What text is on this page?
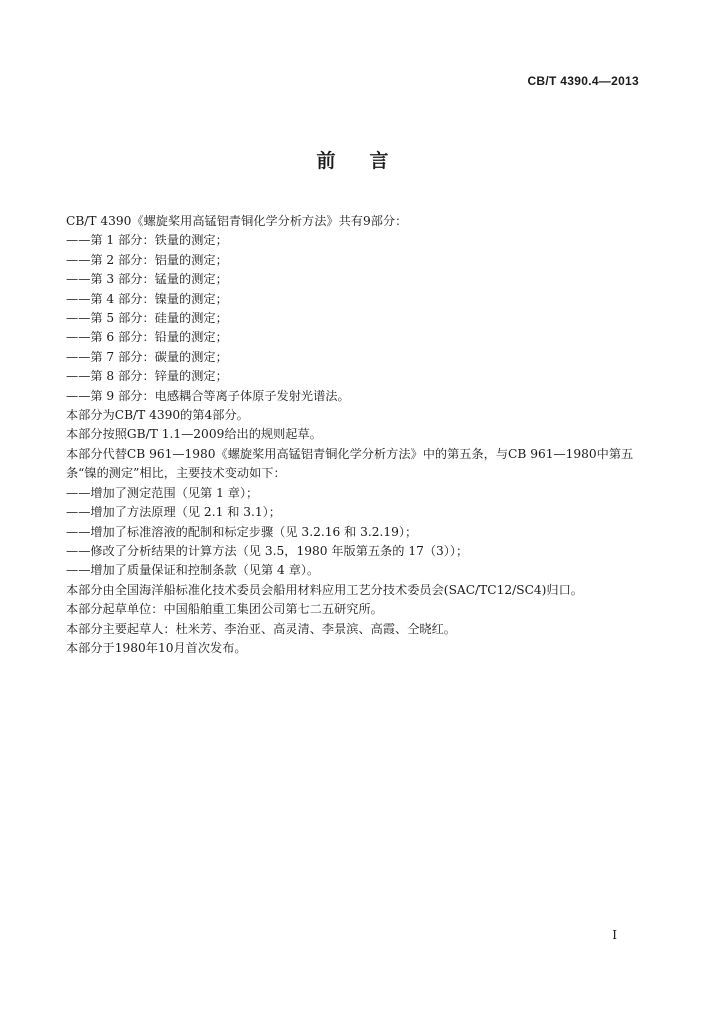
CB/T 4390.4—2013
前言

CB/T 4390《螺旋桨用高锰铝青铜化学分析方法》共有9部分：

——第 1 部分：铁量的测定；

——第 2 部分：铝量的测定；

——第 3 部分：锰量的测定；

——第 4 部分：镍量的测定；

——第 5 部分：硅量的测定；

——第 6 部分：铅量的测定；

——第 7 部分：碳量的测定；

——第 8 部分：锌量的测定；

——第 9 部分：电感耦合等离子体原子发射光谱法。

本部分为CB/T 4390的第4部分。

本部分按照GB/T 1.1—2009给出的规则起草。

本部分代替CB 961—1980《螺旋桨用高锰铝青铜化学分析方法》中的第五条，与CB 961—1980中第五条“镍的测定”相比，主要技术变动如下：

——增加了测定范围（见第 1 章）；

——增加了方法原理（见 2.1 和 3.1）；

——增加了标准溶液的配制和标定步骤（见 3.2.16 和 3.2.19）；

——修改了分析结果的计算方法（见 3.5，1980 年版第五条的 17（3））；

——增加了质量保证和控制条款（见第 4 章）。

本部分由全国海洋船标准化技术委员会船用材料应用工艺分技术委员会(SAC/TC12/SC4)归口。

本部分起草单位：中国船舶重工集团公司第七二五研究所。

本部分主要起草人：杜米芳、李治亚、高灵清、李景滨、高霞、仝晓红。

本部分于1980年10月首次发布。

I
